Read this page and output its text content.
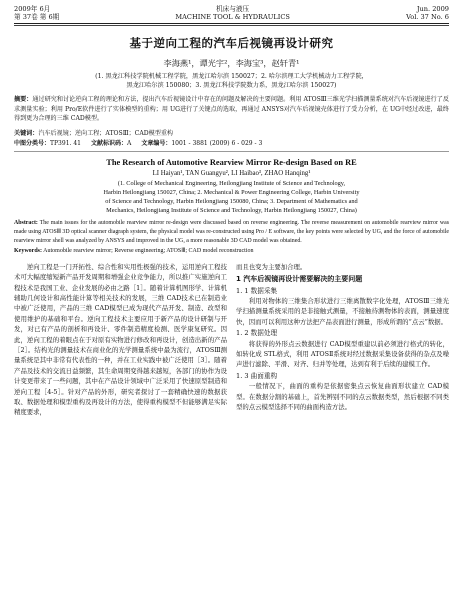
2009年 6月
第 37卷 第 6期
机床与液压
MACHINE TOOL & HYDRAULICS
Jun. 2009
Vol. 37 No. 6
基于逆向工程的汽车后视镜再设计研究
李海燕¹，谭光宇²，李海宝³，赵轩青¹
(1. 黑龙江科技学院机械工程学院，黑龙江哈尔滨 150027；2. 哈尔滨理工大学机械动力工程学院，
黑龙江哈尔滨 150080；3. 黑龙江科技学院数力系，黑龙江哈尔滨 150027)
摘要：通过研究和讨论逆向工程的理论和方法，提出汽车后视镜设计中存在的问题及解决的主要问题。利用 ATOSⅢ三维光学扫描测量系统对汽车后视镜进行了反求测量实验；利用 Pro/E软件进行了实体模型的重构；用 UG进行了关键点的选取，再通过 ANSYS对汽车后视镜壳体进行了受力分析，在 UG中经过改进，最终得到更为合理的三维 CAD模型。
关键词：汽车后视镜；逆向工程；ATOSⅢ；CAD模型重构
中图分类号：TP391. 41 文献标识码：A 文章编号：1001 - 3881 (2009) 6 - 029 - 3
The Research of Automotive Rearview Mirror Re-design Based on RE
LI Haiyan¹, TAN Guangyu², LI Haibao³, ZHAO Hanqing¹
(1. College of Mechanical Engineering, Heilongjiang Institute of Science and Technology,
Harbin Heilongjiang 150027, China; 2. Mechanical & Power Engineering College, Harbin University
of Science and Technology, Harbin Heilongjiang 150080, China; 3. Department of Mathematics and
Mechanics, Heilongjiang Institute of Science and Technology, Harbin Heilongjiang 150027, China)
Abstract: The main issues for the automobile rearview mirror re-design were discussed based on reverse engineering. The reverse measurement on automobile rearview mirror was made using ATOSⅢ 3D optical scanner diagraph system, the physical model was re-constructed using Pro / E software, the key points were selected by UG, and the force of automobile rearview mirror shell was analyzed by ANSYS and improved in the UG, a more reasonable 3D CAD model was obtained.
Keywords: Automobile rearview mirror; Reverse engineering; ATOSⅢ; CAD model reconstruction

逆向工程是一门开拓性、综合性和实用性极强的技术，运用逆向工程技术可大幅度缩短新产品开发周期和增强企业竞争能力，所以推广实施逆向工程技术是我国工业、企业发展的必由之路［1］。随着计算机图形学、计算机辅助几何设计和高性能计算等相关技术的发展，三维 CAD技术已在制造业中被广泛使用，产品的三维 CAD模型已成为现代产品开发、制造、改型和使用维护的基础和平台。逆向工程技术主要应用于新产品的设计研制与开发，对已有产品的剖析和再设计、零件制造精度检测、医学康复研究。因此，逆向工程的着眼点在于对原有实物进行修改和再设计，创造出新的产品［2］。结构光的测量技术在商业化的光学测量系统中最为流行，ATOSⅢ测量系统是其中非常有代表性的一种，并在工业实践中被广泛使用［3］。随着产品及技术的交流日益频繁，其生命周期变得越来越短，各部门的协作为设计变更带来了一些问题，其中在产品设计领域中广泛采用了快速原型制造和逆向工程［4-5］。针对产品的外形，研究者探讨了一套精确快速的数据获取、数据处理和模型重构及再设计的方法，使得重构模型不但能够满足实际精度要求，

而且也变为主要加合理。

1 汽车后视镜再设计需要解决的主要问题
1. 1 数据采集

利用对物体的三维集合形状进行三维离散数字化处理，ATOSⅢ三维光学扫描测量系统采用的是非接触式测量，不接触待测物体的表面，测量速度快，因而可以利用这种方法把产品表面进行测量，形成所谓的“点云”数据。

1. 2 数据处理

将获得的外形点云数据进行 CAD模型重建以前必须进行格式的转化，如转化成 STL格式，利用 ATOSⅡ系统对经过数据采集设备获得的杂点及噪声进行滤除、平滑、对齐、归并等处理，达到有利于后续的建模工作。

1. 3 曲面重构

一般情况下，曲面的重构是依据密集点云恢复曲面形状建立 CAD模型。在数据分割的基础上，首先辨别不同的点云数据类型，然后根据不同类型的点云模型选择不同的曲面构造方法。
